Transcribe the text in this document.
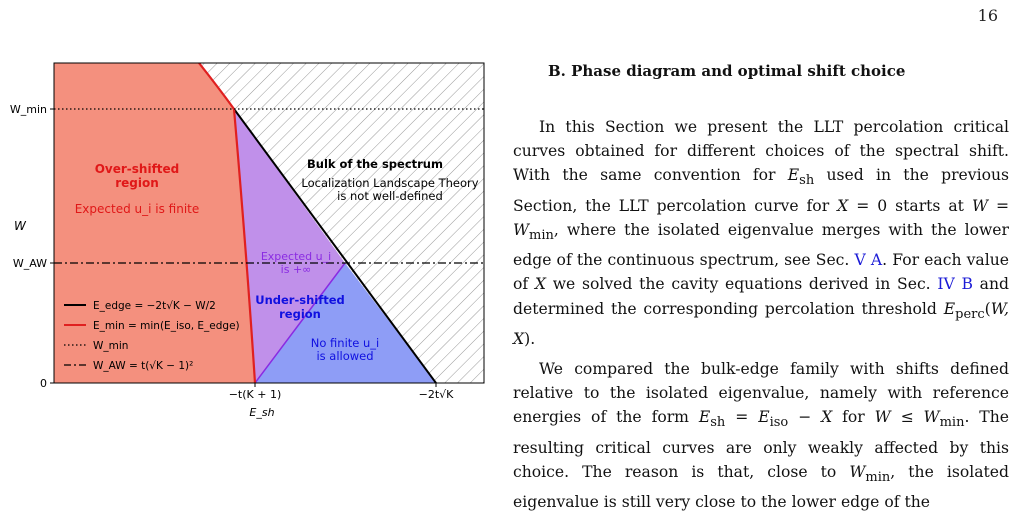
16
W_min
W_AW
0
W
−t(K + 1)	−2t√K
E_sh
Over-shifted
region
Expected u_i is finite
Bulk of the spectrum
Localization Landscape Theory
is not well-defined
Expected u_i
is +∞
Under-shifted
region
No finite u_i
is allowed
E_edge = −2t√K − W/2
E_min = min(E_iso, E_edge)
W_min
W_AW = t(√K − 1)²
B. Phase diagram and optimal shift choice

In this Section we present the LLT percolation critical curves obtained for different choices of the spectral shift. With the same convention for $E_{sh}$ used in the previous Section, the LLT percolation curve for X = 0 starts at $W = W_{min}$, where the isolated eigenvalue merges with the lower edge of the continuous spectrum, see Sec. V A. For each value of X we solved the cavity equations derived in Sec. IV B and determined the corresponding percolation threshold $E_{perc}(W$, X).

We compared the bulk-edge family with shifts defined relative to the isolated eigenvalue, namely with reference energies of the form $E_{sh} = E_{iso} - X$ for $W \le W_{min}$. The resulting critical curves are only weakly affected by this choice. The reason is that, close to $W_{min}$, the isolated eigenvalue is still very close to the lower edge of the
